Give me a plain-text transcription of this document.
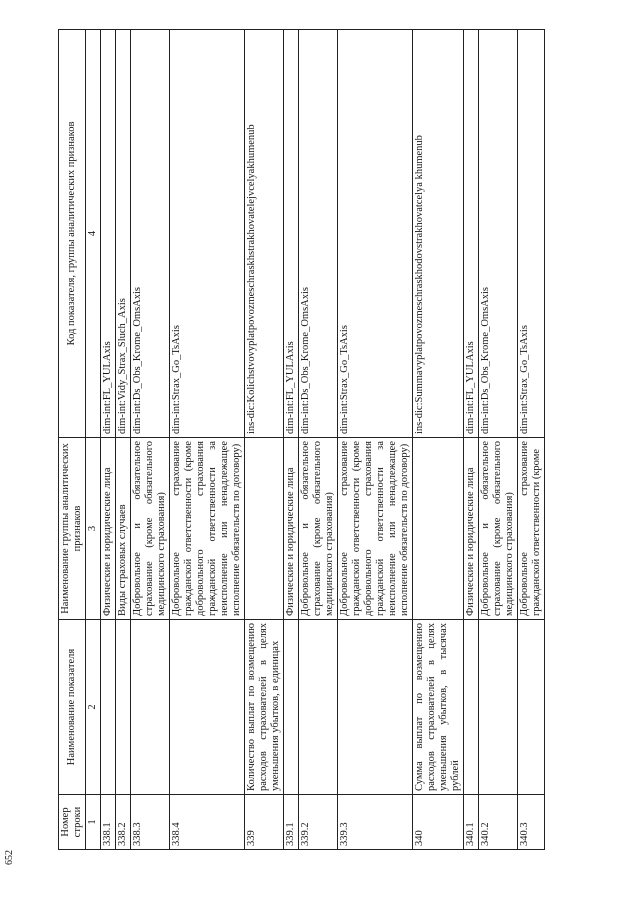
652
Номер строки	Наименование показателя	Наименование группы аналитических признаков	Код показателя, группы аналитических признаков
1	2	3	4
338.1		Физические и юридические лица	dim-int:FL_YULAxis
338.2		Виды страховых случаев	dim-int:Vidy_Strax_Sluch_Axis
338.3		Добровольное и обязательное страхование (кроме обязательного медицинского страхования)	dim-int:Ds_Obs_Krome_OmsAxis
338.4		Добровольное страхование гражданской ответственности (кроме добровольного страхования гражданской ответственности за неисполнение или ненадлежащее исполнение обязательств по договору)	dim-int:Strax_Go_TsAxis
339	Количество выплат по возмещению расходов страхователей в целях уменьшения убытков, в единицах		ins-dic:Kolichstvovyplatpovozmeschraskhstrakhovatelejvcelyakhumenub
339.1		Физические и юридические лица	dim-int:FL_YULAxis
339.2		Добровольное и обязательное страхование (кроме обязательного медицинского страхования)	dim-int:Ds_Obs_Krome_OmsAxis
339.3		Добровольное страхование гражданской ответственности (кроме добровольного страхования гражданской ответственности за неисполнение или ненадлежащее исполнение обязательств по договору)	dim-int:Strax_Go_TsAxis
340	Сумма выплат по возмещению расходов страхователей в целях уменьшения убытков, в тысячах рублей		ins-dic:Summavyplatpovozmeschraskhodovstrakhovatcelya khumenub
340.1		Физические и юридические лица	dim-int:FL_YULAxis
340.2		Добровольное и обязательное страхование (кроме обязательного медицинского страхования)	dim-int:Ds_Obs_Krome_OmsAxis
340.3		Добровольное страхование гражданской ответственности (кроме	dim-int:Strax_Go_TsAxis
